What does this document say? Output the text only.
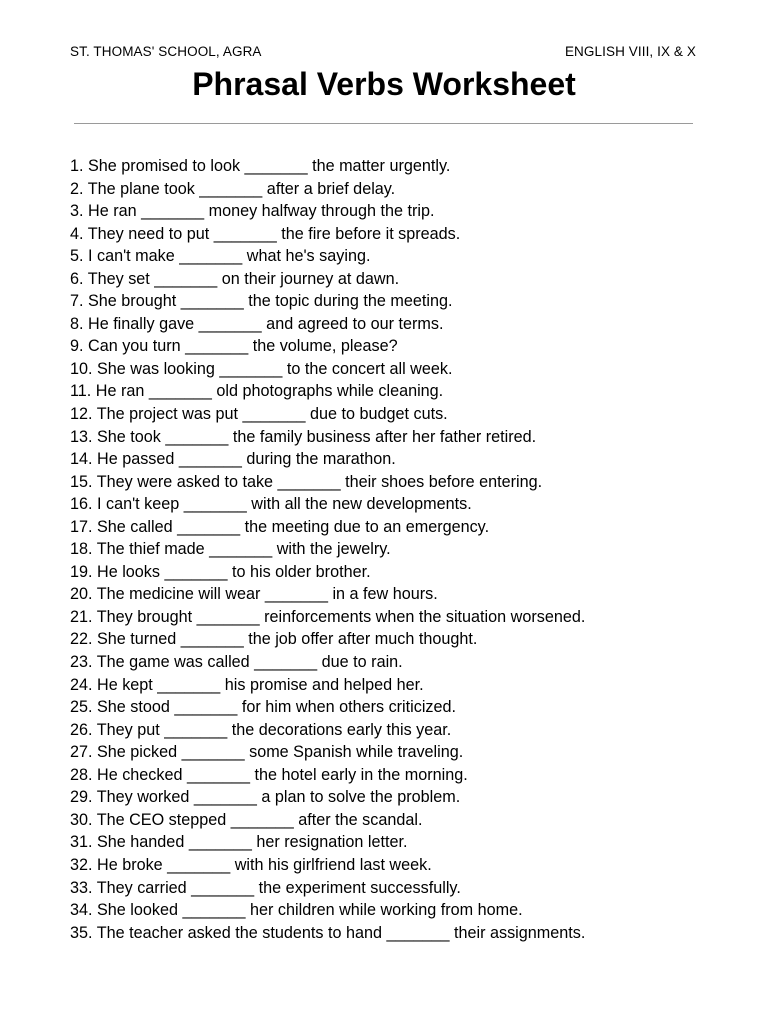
ST. THOMAS' SCHOOL, AGRA	ENGLISH VIII, IX & X
Phrasal Verbs Worksheet
1. She promised to look _______ the matter urgently.
2. The plane took _______ after a brief delay.
3. He ran _______ money halfway through the trip.
4. They need to put _______ the fire before it spreads.
5. I can't make _______ what he's saying.
6. They set _______ on their journey at dawn.
7. She brought _______ the topic during the meeting.
8. He finally gave _______ and agreed to our terms.
9. Can you turn _______ the volume, please?
10. She was looking _______ to the concert all week.
11. He ran _______ old photographs while cleaning.
12. The project was put _______ due to budget cuts.
13. She took _______ the family business after her father retired.
14. He passed _______ during the marathon.
15. They were asked to take _______ their shoes before entering.
16. I can't keep _______ with all the new developments.
17. She called _______ the meeting due to an emergency.
18. The thief made _______ with the jewelry.
19. He looks _______ to his older brother.
20. The medicine will wear _______ in a few hours.
21. They brought _______ reinforcements when the situation worsened.
22. She turned _______ the job offer after much thought.
23. The game was called _______ due to rain.
24. He kept _______ his promise and helped her.
25. She stood _______ for him when others criticized.
26. They put _______ the decorations early this year.
27. She picked _______ some Spanish while traveling.
28. He checked _______ the hotel early in the morning.
29. They worked _______ a plan to solve the problem.
30. The CEO stepped _______ after the scandal.
31. She handed _______ her resignation letter.
32. He broke _______ with his girlfriend last week.
33. They carried _______ the experiment successfully.
34. She looked _______ her children while working from home.
35. The teacher asked the students to hand _______ their assignments.
